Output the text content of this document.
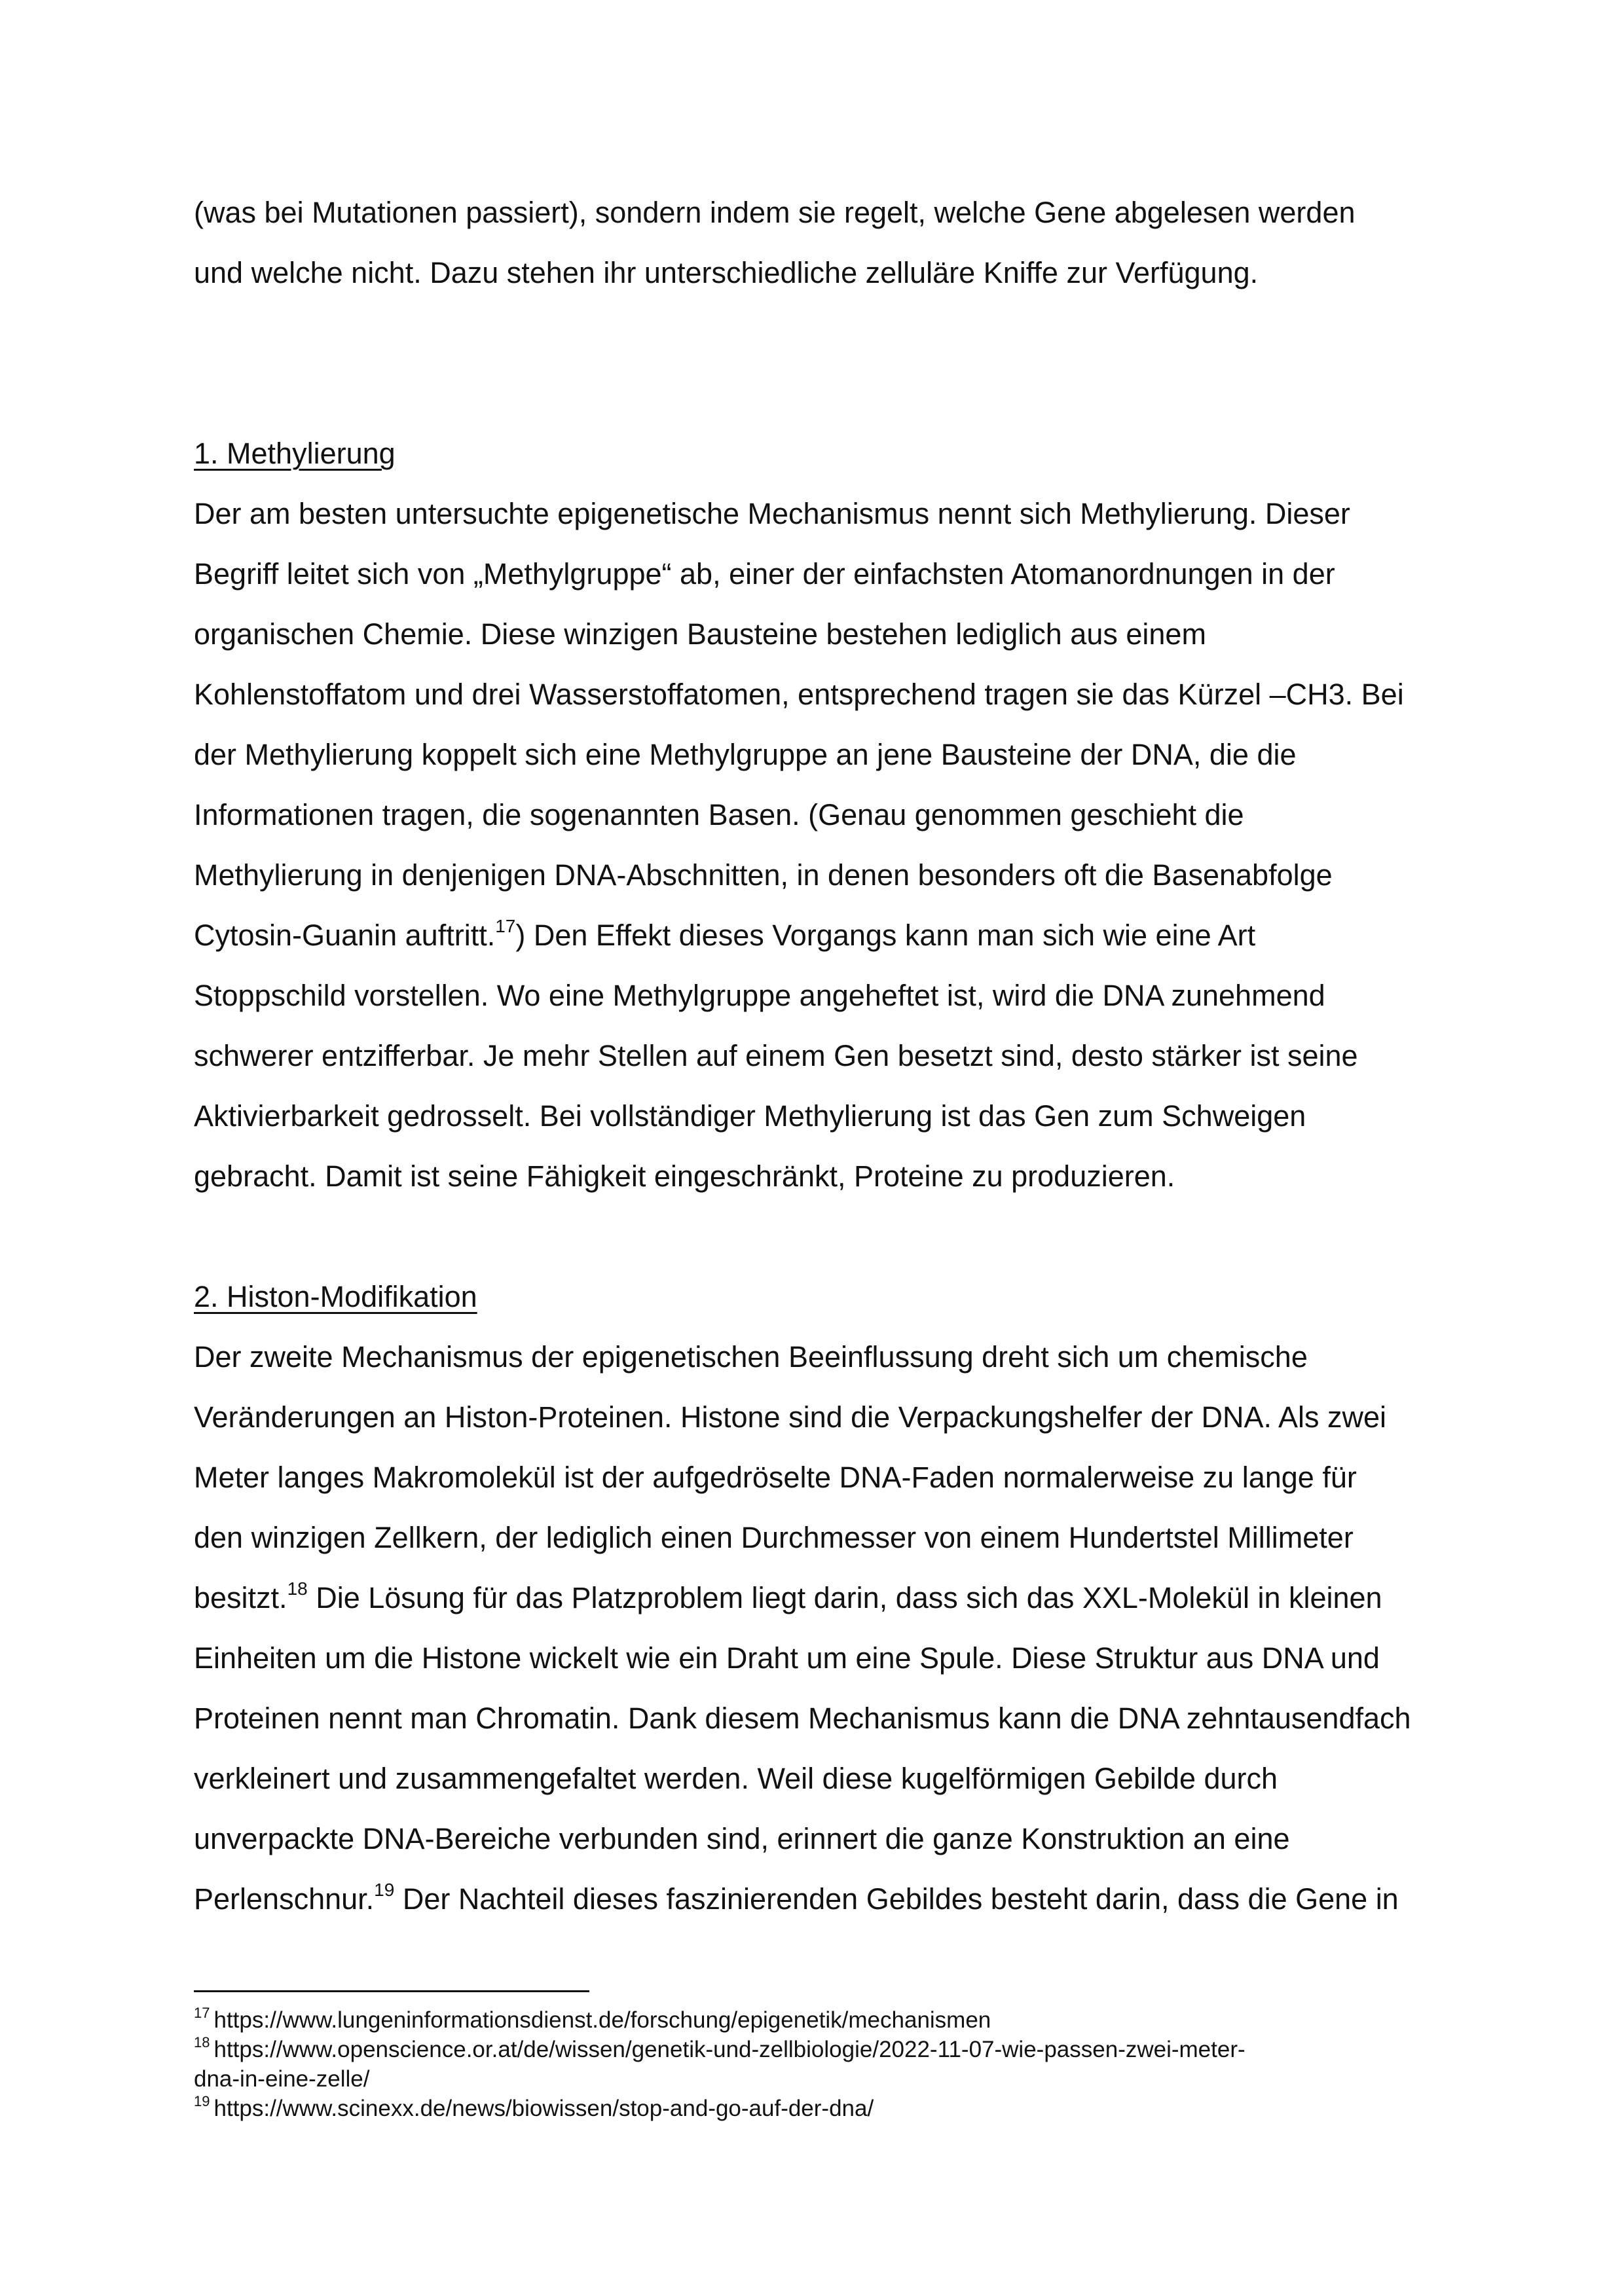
(was bei Mutationen passiert), sondern indem sie regelt, welche Gene abgelesen werden
und welche nicht. Dazu stehen ihr unterschiedliche zelluläre Kniffe zur Verfügung.
1. Methylierung
Der am besten untersuchte epigenetische Mechanismus nennt sich Methylierung. Dieser
Begriff leitet sich von „Methylgruppe“ ab, einer der einfachsten Atomanordnungen in der
organischen Chemie. Diese winzigen Bausteine bestehen lediglich aus einem
Kohlenstoffatom und drei Wasserstoffatomen, entsprechend tragen sie das Kürzel –CH3. Bei
der Methylierung koppelt sich eine Methylgruppe an jene Bausteine der DNA, die die
Informationen tragen, die sogenannten Basen. (Genau genommen geschieht die
Methylierung in denjenigen DNA-Abschnitten, in denen besonders oft die Basenabfolge
Cytosin-Guanin auftritt.$^{17}$) Den Effekt dieses Vorgangs kann man sich wie eine Art
Stoppschild vorstellen. Wo eine Methylgruppe angeheftet ist, wird die DNA zunehmend
schwerer entzifferbar. Je mehr Stellen auf einem Gen besetzt sind, desto stärker ist seine
Aktivierbarkeit gedrosselt. Bei vollständiger Methylierung ist das Gen zum Schweigen
gebracht. Damit ist seine Fähigkeit eingeschränkt, Proteine zu produzieren.
2. Histon-Modifikation
Der zweite Mechanismus der epigenetischen Beeinflussung dreht sich um chemische
Veränderungen an Histon-Proteinen. Histone sind die Verpackungshelfer der DNA. Als zwei
Meter langes Makromolekül ist der aufgedröselte DNA-Faden normalerweise zu lange für
den winzigen Zellkern, der lediglich einen Durchmesser von einem Hundertstel Millimeter
besitzt.$^{18}$ Die Lösung für das Platzproblem liegt darin, dass sich das XXL-Molekül in kleinen
Einheiten um die Histone wickelt wie ein Draht um eine Spule. Diese Struktur aus DNA und
Proteinen nennt man Chromatin. Dank diesem Mechanismus kann die DNA zehntausendfach
verkleinert und zusammengefaltet werden. Weil diese kugelförmigen Gebilde durch
unverpackte DNA-Bereiche verbunden sind, erinnert die ganze Konstruktion an eine
Perlenschnur.$^{19}$ Der Nachteil dieses faszinierenden Gebildes besteht darin, dass die Gene in
$^{17}$ https://www.lungeninformationsdienst.de/forschung/epigenetik/mechanismen
$^{18}$ https://www.openscience.or.at/de/wissen/genetik-und-zellbiologie/2022-11-07-wie-passen-zwei-meter-
dna-in-eine-zelle/
$^{19}$ https://www.scinexx.de/news/biowissen/stop-and-go-auf-der-dna/
